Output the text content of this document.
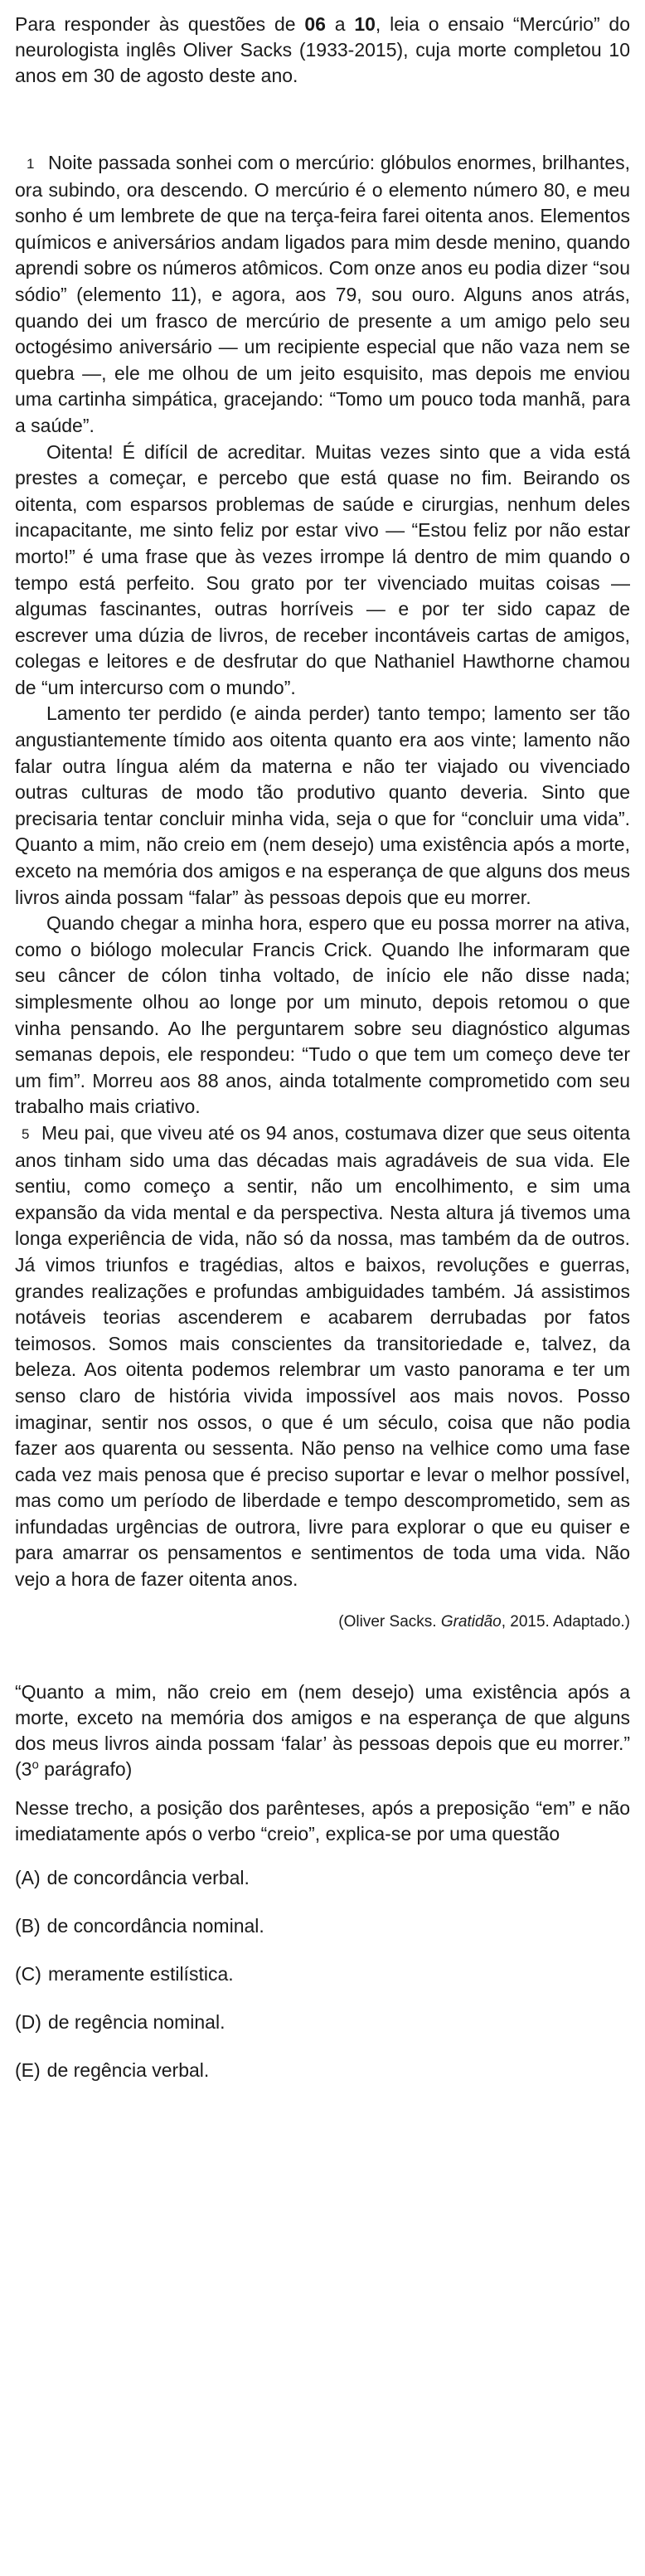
Para responder às questões de 06 a 10, leia o ensaio “Mercúrio” do neurologista inglês Oliver Sacks (1933-2015), cuja morte completou 10 anos em 30 de agosto deste ano.

1 Noite passada sonhei com o mercúrio: glóbulos enormes, brilhantes, ora subindo, ora descendo. O mercúrio é o elemento número 80, e meu sonho é um lembrete de que na terça-feira farei oitenta anos. Elementos químicos e aniversários andam ligados para mim desde menino, quando aprendi sobre os números atômicos. Com onze anos eu podia dizer “sou sódio” (elemento 11), e agora, aos 79, sou ouro. Alguns anos atrás, quando dei um frasco de mercúrio de presente a um amigo pelo seu octogésimo aniversário — um recipiente especial que não vaza nem se quebra —, ele me olhou de um jeito esquisito, mas depois me enviou uma cartinha simpática, gracejando: “Tomo um pouco toda manhã, para a saúde”.

Oitenta! É difícil de acreditar. Muitas vezes sinto que a vida está prestes a começar, e percebo que está quase no fim. Beirando os oitenta, com esparsos problemas de saúde e cirurgias, nenhum deles incapacitante, me sinto feliz por estar vivo — “Estou feliz por não estar morto!” é uma frase que às vezes irrompe lá dentro de mim quando o tempo está perfeito. Sou grato por ter vivenciado muitas coisas — algumas fascinantes, outras horríveis — e por ter sido capaz de escrever uma dúzia de livros, de receber incontáveis cartas de amigos, colegas e leitores e de desfrutar do que Nathaniel Hawthorne chamou de “um intercurso com o mundo”.

Lamento ter perdido (e ainda perder) tanto tempo; lamento ser tão angustiantemente tímido aos oitenta quanto era aos vinte; lamento não falar outra língua além da materna e não ter viajado ou vivenciado outras culturas de modo tão produtivo quanto deveria. Sinto que precisaria tentar concluir minha vida, seja o que for “concluir uma vida”. Quanto a mim, não creio em (nem desejo) uma existência após a morte, exceto na memória dos amigos e na esperança de que alguns dos meus livros ainda possam “falar” às pessoas depois que eu morrer.

Quando chegar a minha hora, espero que eu possa morrer na ativa, como o biólogo molecular Francis Crick. Quando lhe informaram que seu câncer de cólon tinha voltado, de início ele não disse nada; simplesmente olhou ao longe por um minuto, depois retomou o que vinha pensando. Ao lhe perguntarem sobre seu diagnóstico algumas semanas depois, ele respondeu: “Tudo o que tem um começo deve ter um fim”. Morreu aos 88 anos, ainda totalmente comprometido com seu trabalho mais criativo.

5 Meu pai, que viveu até os 94 anos, costumava dizer que seus oitenta anos tinham sido uma das décadas mais agradáveis de sua vida. Ele sentiu, como começo a sentir, não um encolhimento, e sim uma expansão da vida mental e da perspectiva. Nesta altura já tivemos uma longa experiência de vida, não só da nossa, mas também da de outros. Já vimos triunfos e tragédias, altos e baixos, revoluções e guerras, grandes realizações e profundas ambiguidades também. Já assistimos notáveis teorias ascenderem e acabarem derrubadas por fatos teimosos. Somos mais conscientes da transitoriedade e, talvez, da beleza. Aos oitenta podemos relembrar um vasto panorama e ter um senso claro de história vivida impossível aos mais novos. Posso imaginar, sentir nos ossos, o que é um século, coisa que não podia fazer aos quarenta ou sessenta. Não penso na velhice como uma fase cada vez mais penosa que é preciso suportar e levar o melhor possível, mas como um período de liberdade e tempo descomprometido, sem as infundadas urgências de outrora, livre para explorar o que eu quiser e para amarrar os pensamentos e sentimentos de toda uma vida. Não vejo a hora de fazer oitenta anos.

(Oliver Sacks. Gratidão, 2015. Adaptado.)

“Quanto a mim, não creio em (nem desejo) uma existência após a morte, exceto na memória dos amigos e na esperança de que alguns dos meus livros ainda possam ‘falar’ às pessoas depois que eu morrer.” (3$^o$ parágrafo)

Nesse trecho, a posição dos parênteses, após a preposição “em” e não imediatamente após o verbo “creio”, explica-se por uma questão

(A) de concordância verbal.
(B) de concordância nominal.
(C) meramente estilística.
(D) de regência nominal.
(E) de regência verbal.
